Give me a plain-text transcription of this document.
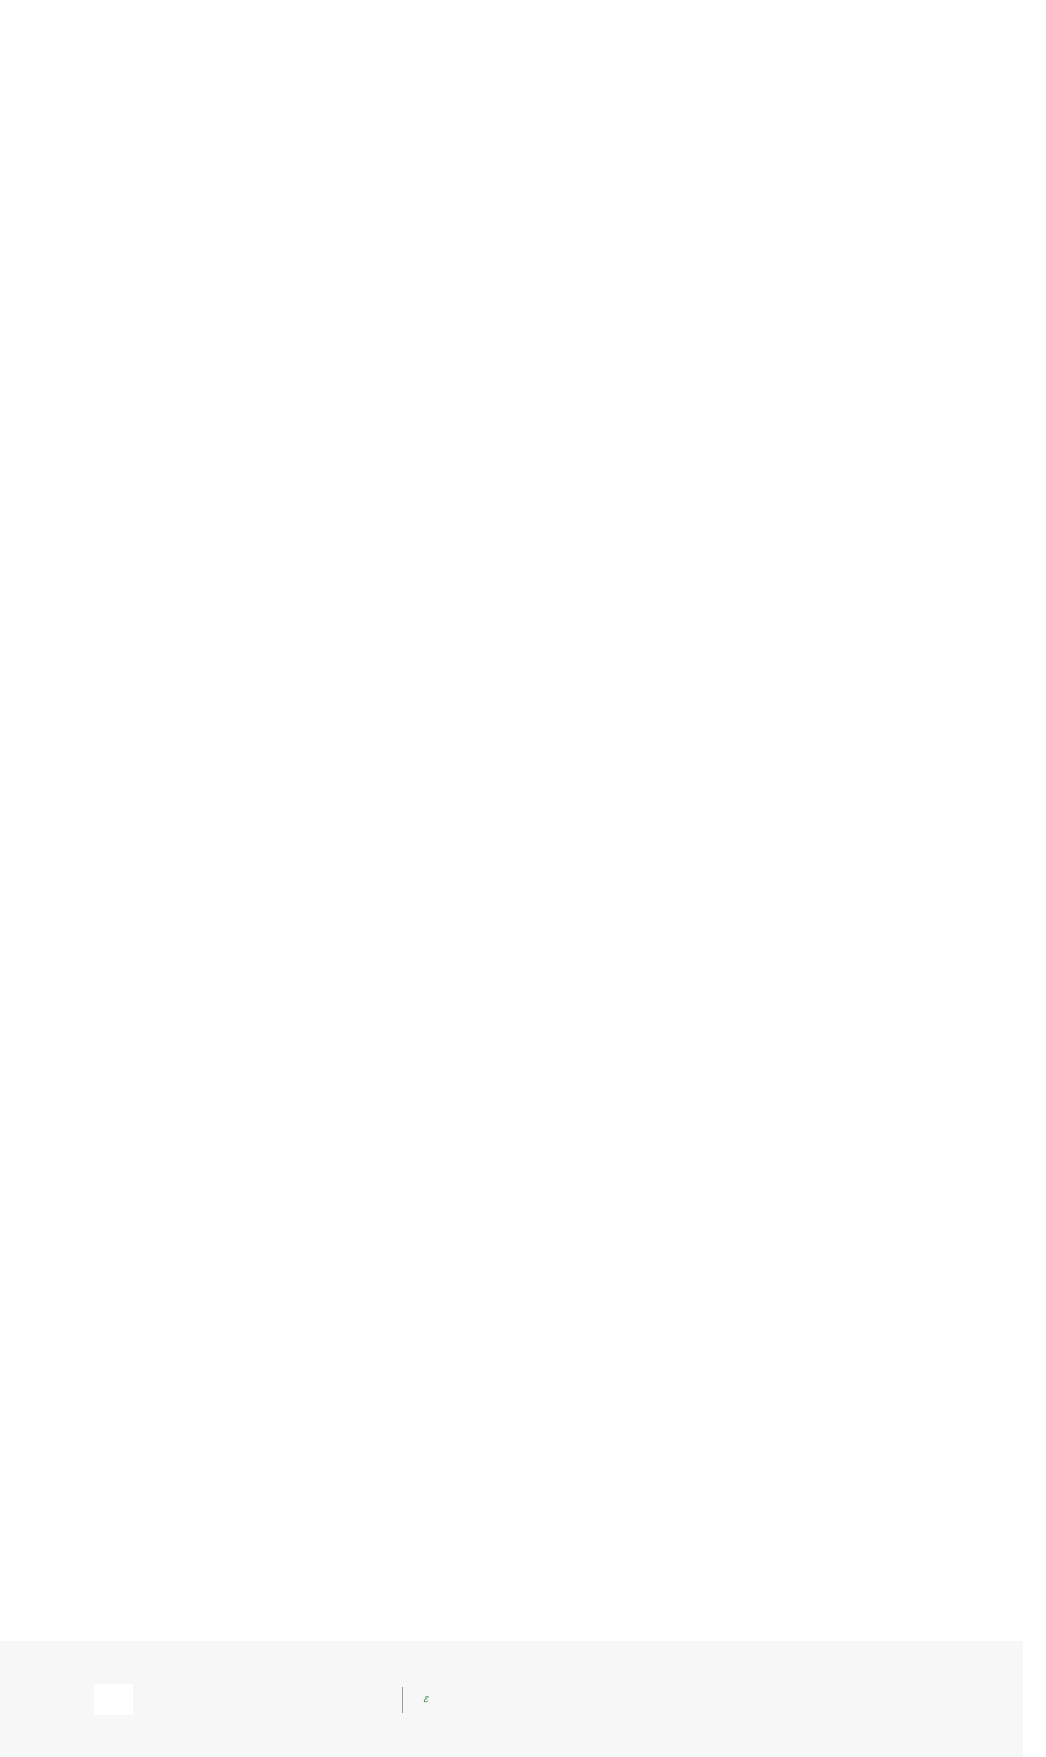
ℰ
